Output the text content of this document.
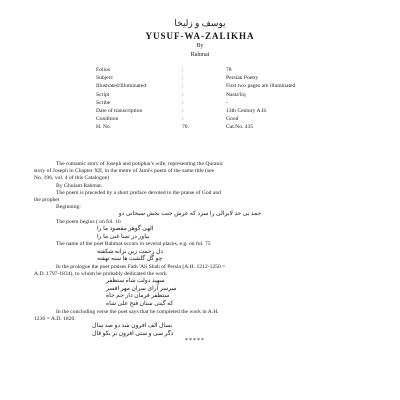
یوسف و زلیخا
YUSUF-WA-ZALIKHA
By
Rahmat
Folios	:	78
Subject	:	Persian Poetry
Illustrated/Illuminated	:	First two pages are illuminated
Script	:	Nasta'liq
Scribe	:	-
Date of transcription	:	13th Century A.H.
Condition	:	Good
H. No.	70.	Cat.No. 435
The romantic story of Joseph and potiphar's wife, representing the Quranic
story of Joseph in Chapter XII, in the metre of Jami's poem of the same title (see
No. 196, vol. 4 of this Catalogue)
By Ghulam Rahmat.
The poem is preceded by a short preface devoted to the praise of God and
the prophet
Beginning:
حمد بی حد لایزالی را سزد که عرش جنت بخش سبحانی دو
The poem begins ( on fol. 1b
الهی گوهر مقصود ما را
بیاور در تمنا غنی ما را
The name of the poet Rahmat occurs in several places, e.g. on fol. 75
دل رحمت زین نزانه شکفته
چو گل گلشت ها سته تهفته
In the prologue the poet praises Fath 'Ali Shah of Persia (A.H. 1212-1250 =
A.D. 1797-1834), to whom he probably dedicated the work
سهید دولت شاه ستظفر
سرسر آرای سران مهر افسر
ستطفر فرمان دار جم جاه
که گیتی ستان فتح علی شاه
In the concluding verse the poet says that he completed the work in A.H.
1236 = A.D. 1820.
بسال الف افرون شد دو صد سال
دگر سی و ستی افرون بر بکو قال
*****
